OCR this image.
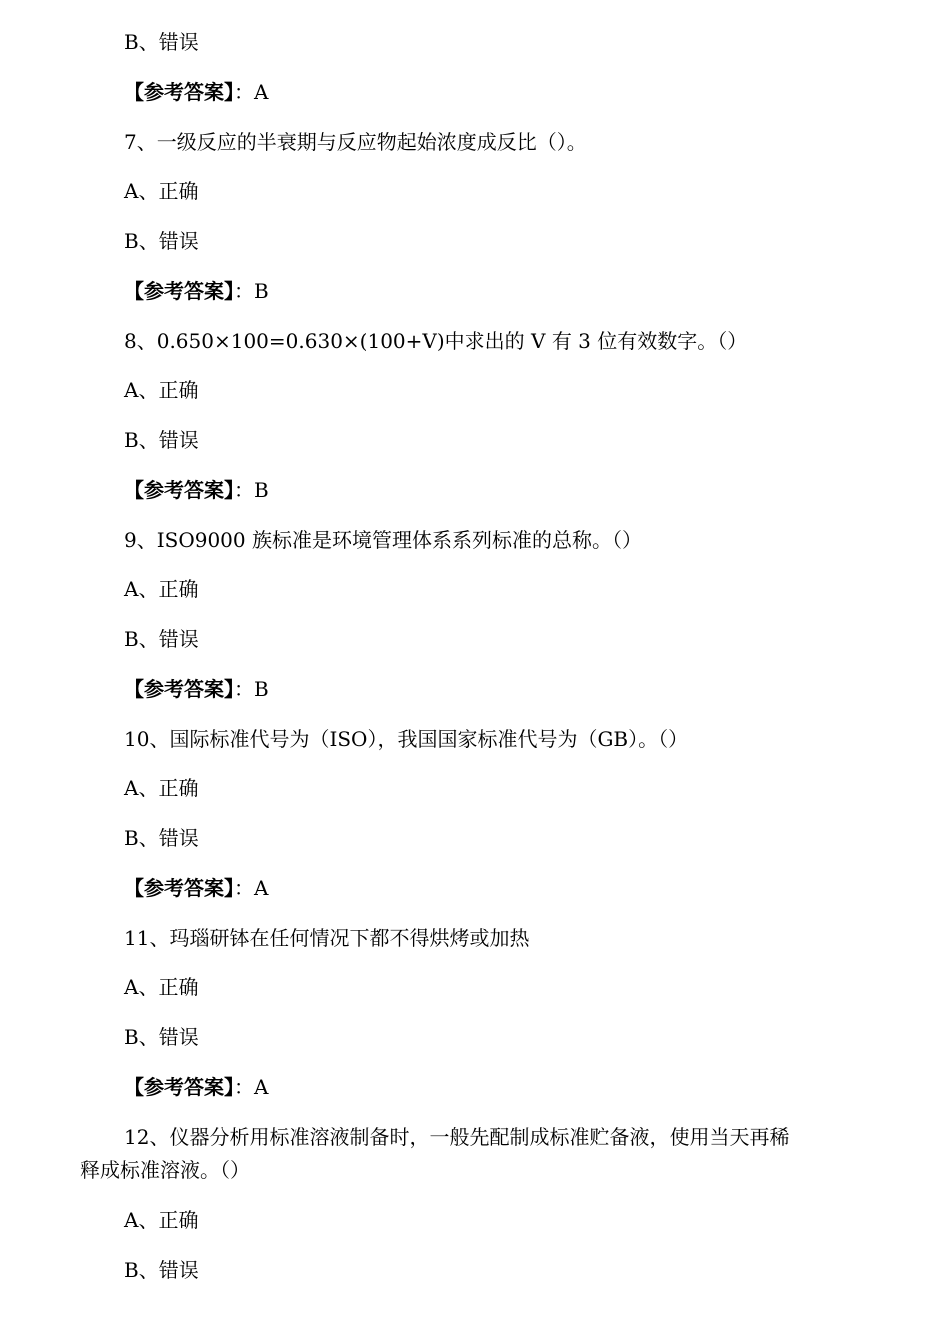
B、错误
【参考答案】：A
7、一级反应的半衰期与反应物起始浓度成反比（）。
A、正确
B、错误
【参考答案】：B
8、0.650×100=0.630×(100+V)中求出的 V 有 3 位有效数字。（）
A、正确
B、错误
【参考答案】：B
9、ISO9000 族标准是环境管理体系系列标准的总称。（）
A、正确
B、错误
【参考答案】：B
10、国际标准代号为（ISO），我国国家标准代号为（GB）。（）
A、正确
B、错误
【参考答案】：A
11、玛瑙研钵在任何情况下都不得烘烤或加热
A、正确
B、错误
【参考答案】：A
12、仪器分析用标准溶液制备时，一般先配制成标准贮备液，使用当天再稀
释成标准溶液。（）
A、正确
B、错误
